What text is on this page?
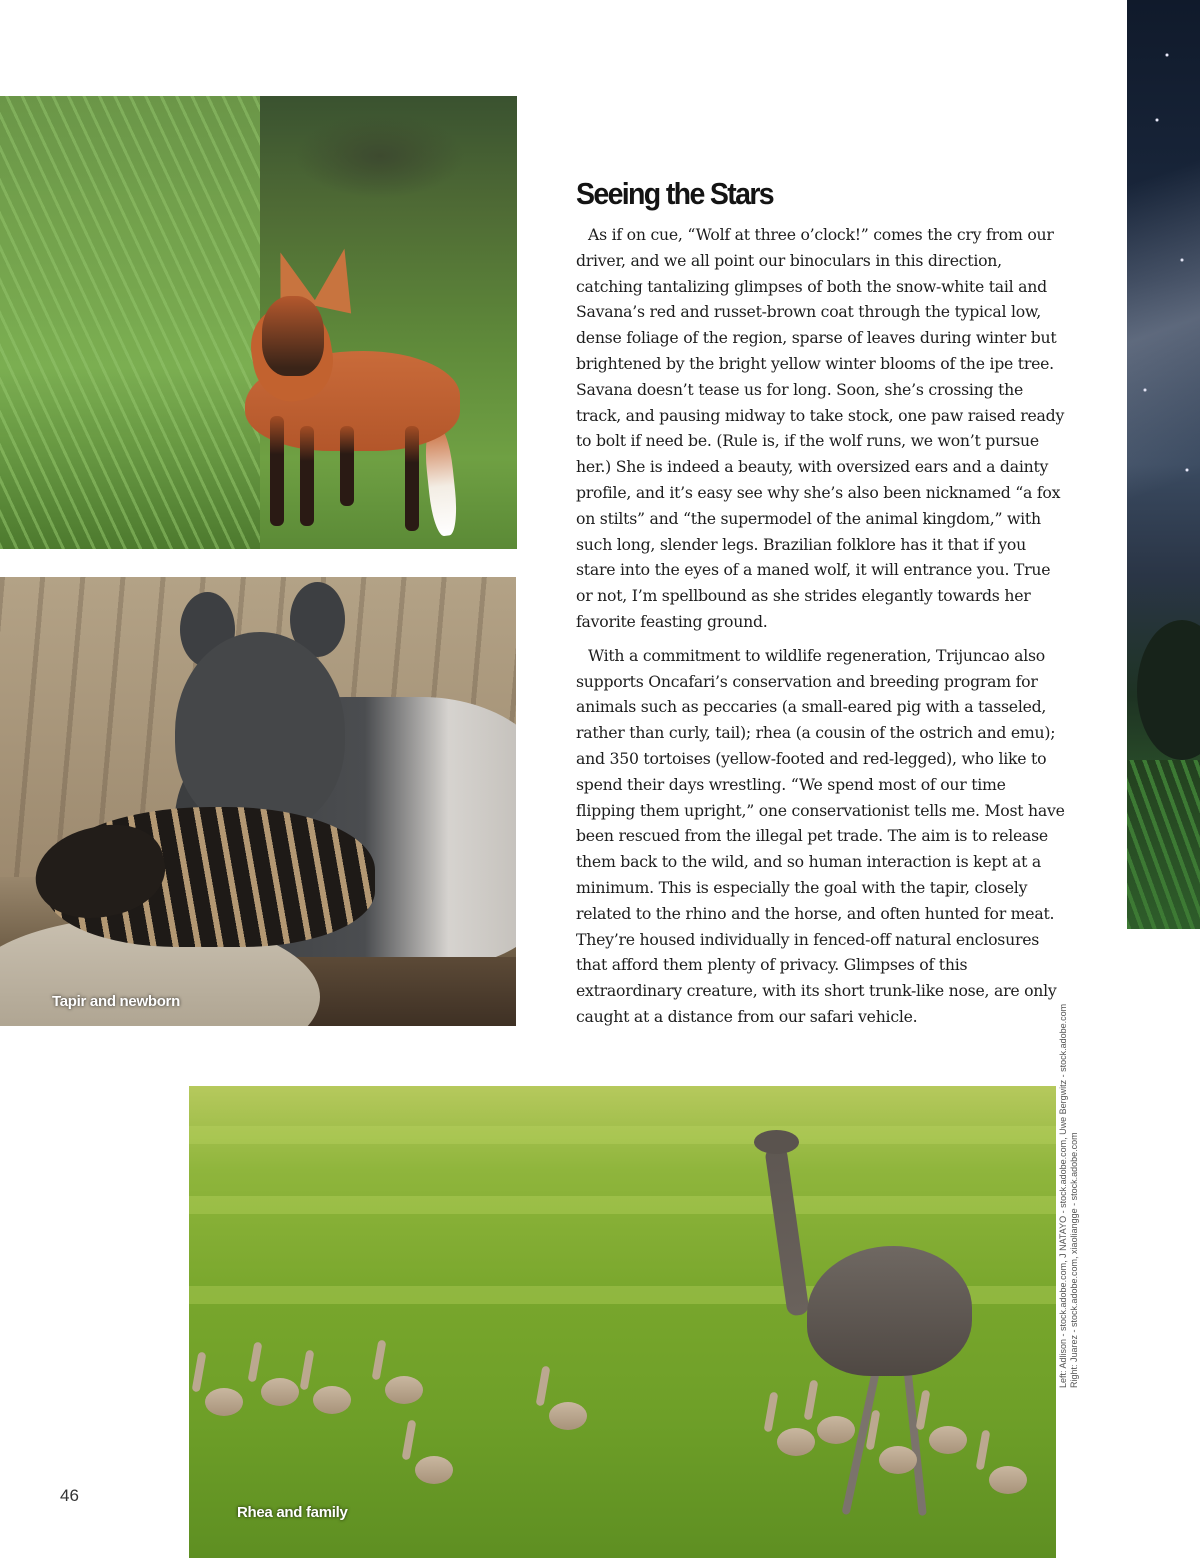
Tapir and newborn
Seeing the Stars

As if on cue, “Wolf at three o’clock!” comes the cry from our driver, and we all point our binoculars in this direction, catching tantalizing glimpses of both the snow-white tail and Savana’s red and russet-brown coat through the typical low, dense foliage of the region, sparse of leaves during winter but brightened by the bright yellow winter blooms of the ipe tree. Savana doesn’t tease us for long. Soon, she’s crossing the track, and pausing midway to take stock, one paw raised ready to bolt if need be. (Rule is, if the wolf runs, we won’t pursue her.) She is indeed a beauty, with oversized ears and a dainty profile, and it’s easy see why she’s also been nicknamed “a fox on stilts” and “the supermodel of the animal kingdom,” with such long, slender legs. Brazilian folklore has it that if you stare into the eyes of a maned wolf, it will entrance you. True or not, I’m spellbound as she strides elegantly towards her favorite feasting ground.

With a commitment to wildlife regeneration, Trijuncao also supports Oncafari’s conservation and breeding program for animals such as peccaries (a small-eared pig with a tasseled, rather than curly, tail); rhea (a cousin of the ostrich and emu); and 350 tortoises (yellow-footed and red-legged), who like to spend their days wrestling. “We spend most of our time flipping them upright,” one conservationist tells me. Most have been rescued from the illegal pet trade. The aim is to release them back to the wild, and so human interaction is kept at a minimum. This is especially the goal with the tapir, closely related to the rhino and the horse, and often hunted for meat. They’re housed individually in fenced-off natural enclosures that afford them plenty of privacy. Glimpses of this extraordinary creature, with its short trunk-like nose, are only caught at a distance from our safari vehicle.

Rhea and family
Left: Adlison - stock.adobe.com, J NATAYO - stock.adobe.com, Uwe Bergwitz - stock.adobe.com Right: Juarez - stock.adobe.com, xiaoliangge - stock.adobe.com
46
